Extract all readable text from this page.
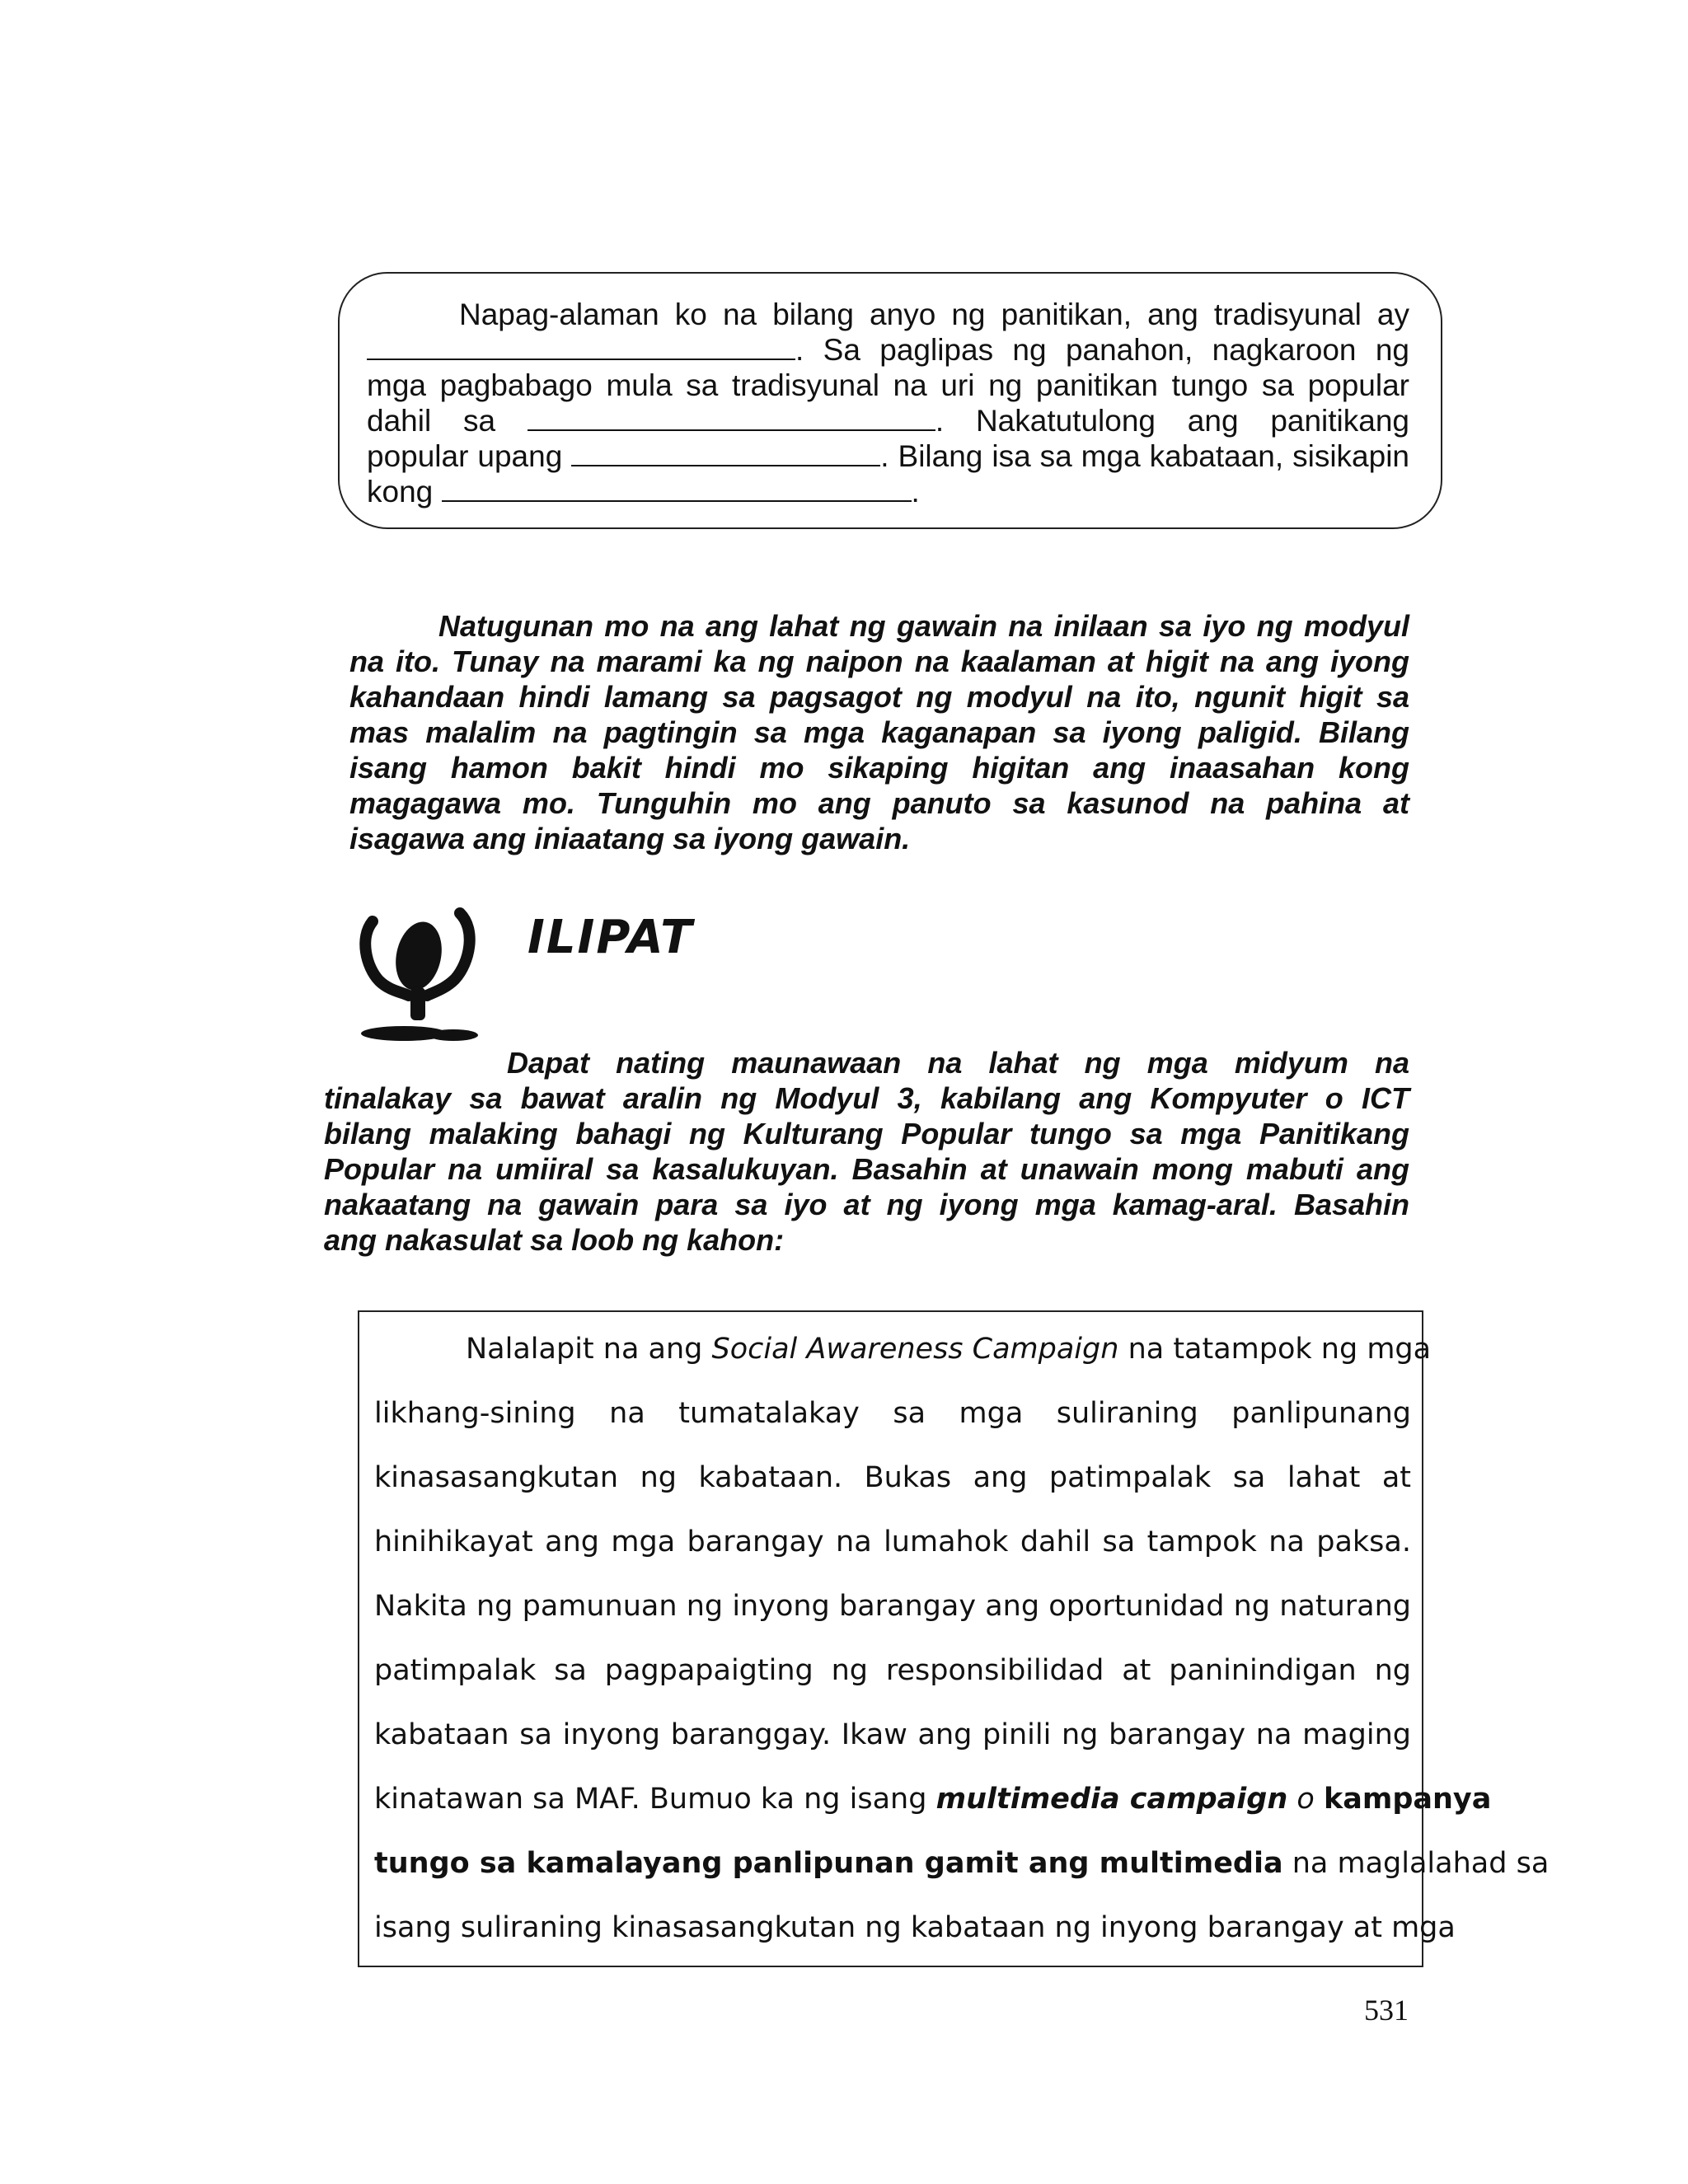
Napag-alaman ko na bilang anyo ng panitikan, ang tradisyunal ay
. Sa paglipas ng panahon, nagkaroon ng
mga pagbabago mula sa tradisyunal na uri ng panitikan tungo sa popular
dahil sa	. Nakatutulong ang panitikang
popular upang	. Bilang isa sa mga kabataan, sisikapin
kong	.
Natugunan mo na ang lahat ng gawain na inilaan sa iyo ng modyul
na ito. Tunay na marami ka ng naipon na kaalaman at higit na ang iyong
kahandaan hindi lamang sa pagsagot ng modyul na ito, ngunit higit sa
mas malalim na pagtingin sa mga kaganapan sa iyong paligid. Bilang
isang hamon bakit hindi mo sikaping higitan ang inaasahan kong
magagawa mo. Tunguhin mo ang panuto sa kasunod na pahina at
isagawa ang iniaatang sa iyong gawain.
ILIPAT
Dapat nating maunawaan na lahat ng mga midyum na
tinalakay sa bawat aralin ng Modyul 3, kabilang ang Kompyuter o ICT
bilang malaking bahagi ng Kulturang Popular tungo sa mga Panitikang
Popular na umiiral sa kasalukuyan. Basahin at unawain mong mabuti ang
nakaatang na gawain para sa iyo at ng iyong mga kamag-aral. Basahin
ang nakasulat sa loob ng kahon:
Nalalapit na ang Social Awareness Campaign na tatampok ng mga
likhang-sining na tumatalakay sa mga suliraning panlipunang
kinasasangkutan ng kabataan. Bukas ang patimpalak sa lahat at
hinihikayat ang mga barangay na lumahok dahil sa tampok na paksa.
Nakita ng pamunuan ng inyong barangay ang oportunidad ng naturang
patimpalak sa pagpapaigting ng responsibilidad at paninindigan ng
kabataan sa inyong baranggay. Ikaw ang pinili ng barangay na maging
kinatawan sa MAF. Bumuo ka ng isang multimedia campaign o kampanya
tungo sa kamalayang panlipunan gamit ang multimedia na maglalahad sa
isang suliraning kinasasangkutan ng kabataan ng inyong barangay at mga
531
